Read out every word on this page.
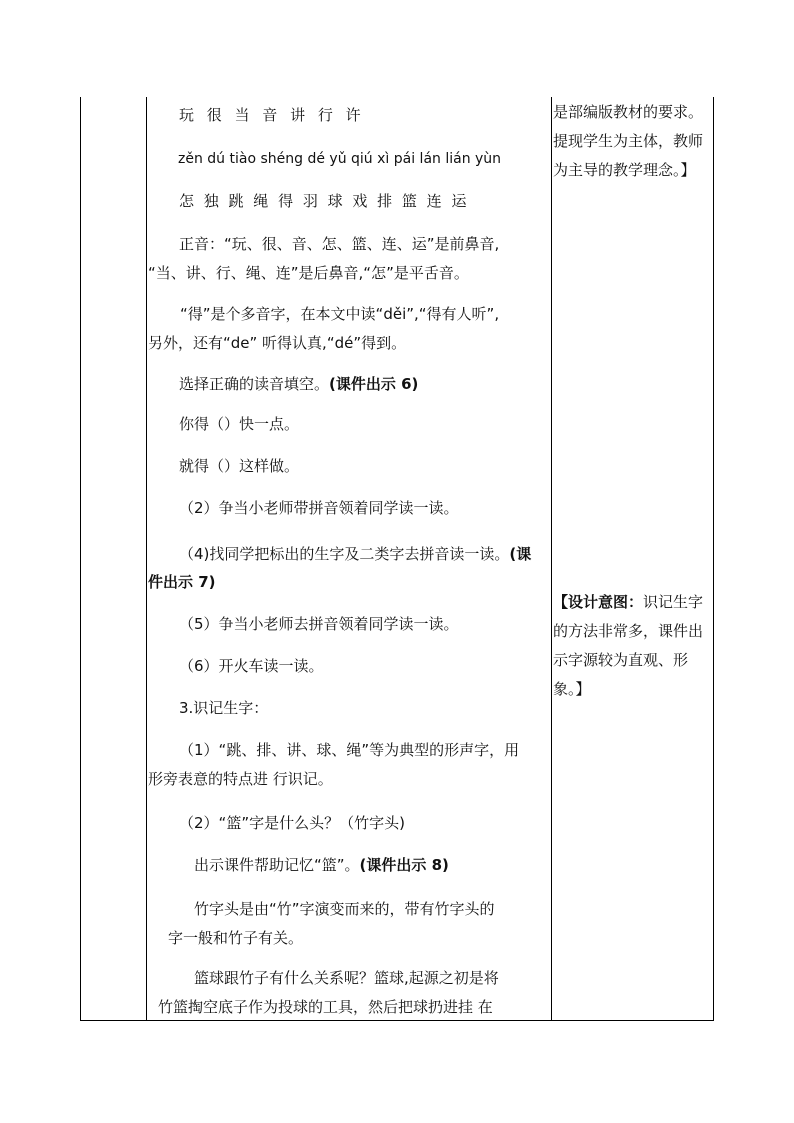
玩 很 当 音 讲 行 许
zěn dú tiào shéng dé yǔ qiú xì pái lán lián yùn
怎 独 跳 绳 得 羽 球 戏 排 篮 连 运
正音：“玩、很、音、怎、篮、连、运”是前鼻音,
“当、讲、行、绳、连”是后鼻音,“怎”是平舌音。
“得”是个多音字，在本文中读“děi”,“得有人听”,
另外，还有“de” 听得认真,“dé”得到。
选择正确的读音填空。(课件出示 6)
你得（）快一点。
就得（）这样做。
（2）争当小老师带拼音领着同学读一读。
（4)找同学把标出的生字及二类字去拼音读一读。(课
件出示 7)
（5）争当小老师去拼音领着同学读一读。
（6）开火车读一读。
3.识记生字：
（1）“跳、排、讲、球、绳”等为典型的形声字，用
形旁表意的特点进 行识记。
（2）“篮”字是什么头？（竹字头)
出示课件帮助记忆“篮”。(课件出示 8)
竹字头是由“竹”字演变而来的，带有竹字头的
字一般和竹子有关。
篮球跟竹子有什么关系呢？篮球,起源之初是将
竹篮掏空底子作为投球的工具，然后把球扔进挂 在

是部编版教材的要求。

提现学生为主体，教师

为主导的教学理念。】

【设计意图：识记生字

的方法非常多，课件出

示字源较为直观、形

象。】
